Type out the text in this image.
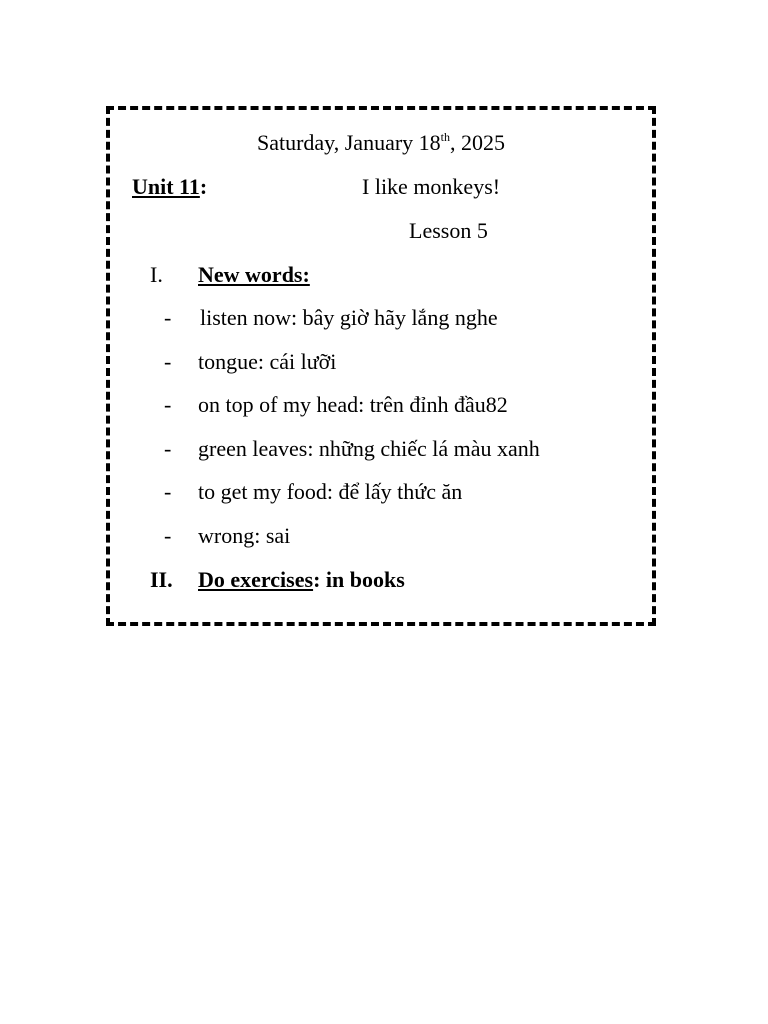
Saturday, January 18th, 2025
Unit 11:	I like monkeys!
Lesson 5
I. New words:
- listen now: bây giờ hãy lắng nghe
- tongue: cái lưỡi
- on top of my head: trên đỉnh đầu82
- green leaves: những chiếc lá màu xanh
- to get my food: để lấy thức ăn
- wrong: sai
II. Do exercises: in books
